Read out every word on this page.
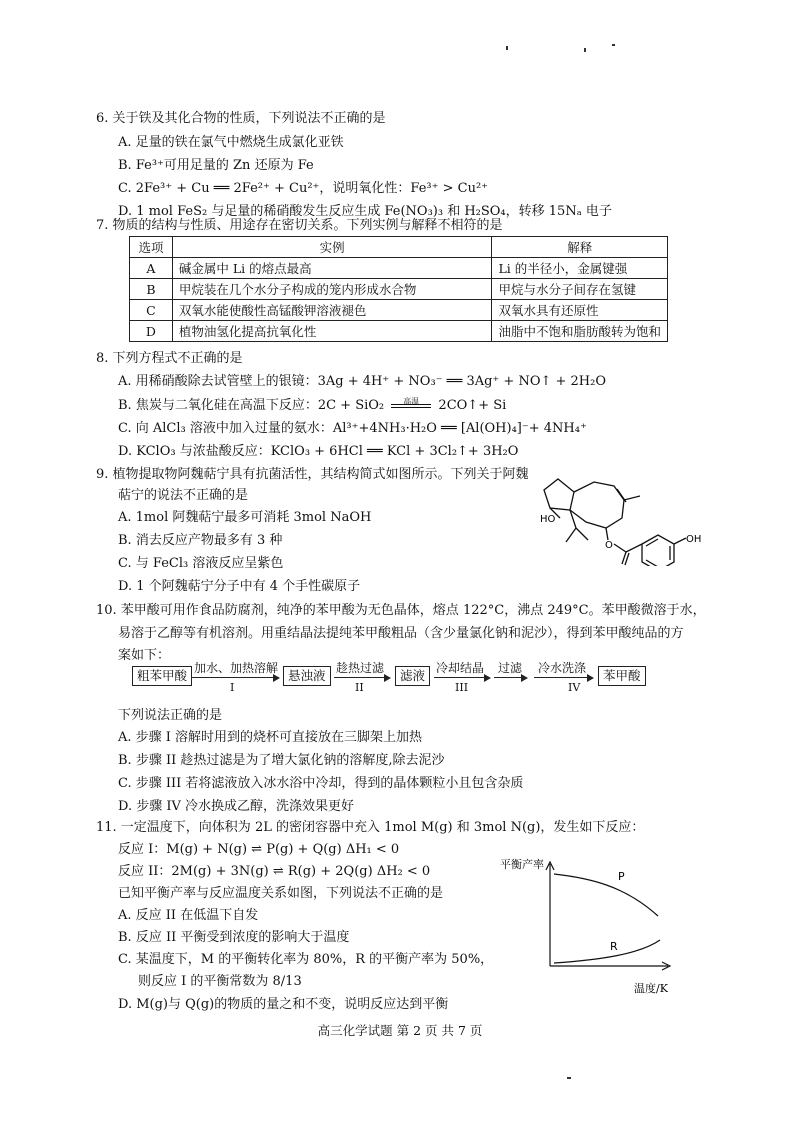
6. 关于铁及其化合物的性质，下列说法不正确的是
A. 足量的铁在氯气中燃烧生成氯化亚铁
B. Fe³⁺可用足量的 Zn 还原为 Fe
C. 2Fe³⁺ + Cu ══ 2Fe²⁺ + Cu²⁺，说明氧化性：Fe³⁺ > Cu²⁺
D. 1 mol FeS₂ 与足量的稀硝酸发生反应生成 Fe(NO₃)₃ 和 H₂SO₄，转移 15Nₐ 电子
7. 物质的结构与性质、用途存在密切关系。下列实例与解释不相符的是
选项	实例	解释
A	碱金属中 Li 的熔点最高	Li 的半径小，金属键强
B	甲烷装在几个水分子构成的笼内形成水合物	甲烷与水分子间存在氢键
C	双氧水能使酸性高锰酸钾溶液褪色	双氧水具有还原性
D	植物油氢化提高抗氧化性	油脂中不饱和脂肪酸转为饱和
8. 下列方程式不正确的是
A. 用稀硝酸除去试管壁上的银镜：3Ag + 4H⁺ + NO₃⁻ ══ 3Ag⁺ + NO↑ + 2H₂O
B. 焦炭与二氧化硅在高温下反应：2C + SiO₂	高温	2CO↑+ Si
C. 向 AlCl₃ 溶液中加入过量的氨水：Al³⁺+4NH₃·H₂O ══ [Al(OH)₄]⁻+ 4NH₄⁺
D. KClO₃ 与浓盐酸反应：KClO₃ + 6HCl ══ KCl + 3Cl₂↑+ 3H₂O
9. 植物提取物阿魏萜宁具有抗菌活性，其结构简式如图所示。下列关于阿魏
萜宁的说法不正确的是
A. 1mol 阿魏萜宁最多可消耗 3mol NaOH
B. 消去反应产物最多有 3 种
C. 与 FeCl₃ 溶液反应呈紫色
D. 1 个阿魏萜宁分子中有 4 个手性碳原子
HO
O
OH
10. 苯甲酸可用作食品防腐剂，纯净的苯甲酸为无色晶体，熔点 122°C，沸点 249°C。苯甲酸微溶于水，
易溶于乙醇等有机溶剂。用重结晶法提纯苯甲酸粗品（含少量氯化钠和泥沙），得到苯甲酸纯品的方
案如下：
粗苯甲酸 加水、加热溶解
I
悬浊液 趁热过滤
II
滤液 冷却结晶
III
过滤 冷水洗涤
IV
苯甲酸
下列说法正确的是
A. 步骤 I 溶解时用到的烧杯可直接放在三脚架上加热
B. 步骤 II 趁热过滤是为了增大氯化钠的溶解度,除去泥沙
C. 步骤 III 若将滤液放入冰水浴中冷却，得到的晶体颗粒小且包含杂质
D. 步骤 IV 冷水换成乙醇，洗涤效果更好
11. 一定温度下，向体积为 2L 的密闭容器中充入 1mol M(g) 和 3mol N(g)，发生如下反应：
反应 I：M(g) + N(g) ⇌ P(g) + Q(g) ΔH₁ < 0
反应 II：2M(g) + 3N(g) ⇌ R(g) + 2Q(g) ΔH₂ < 0
已知平衡产率与反应温度关系如图，下列说法不正确的是
A. 反应 II 在低温下自发
B. 反应 II 平衡受到浓度的影响大于温度
C. 某温度下，M 的平衡转化率为 80%，R 的平衡产率为 50%，
则反应 I 的平衡常数为 8/13
D. M(g)与 Q(g)的物质的量之和不变，说明反应达到平衡
平衡产率
温度/K
P
R
高三化学试题 第 2 页 共 7 页
